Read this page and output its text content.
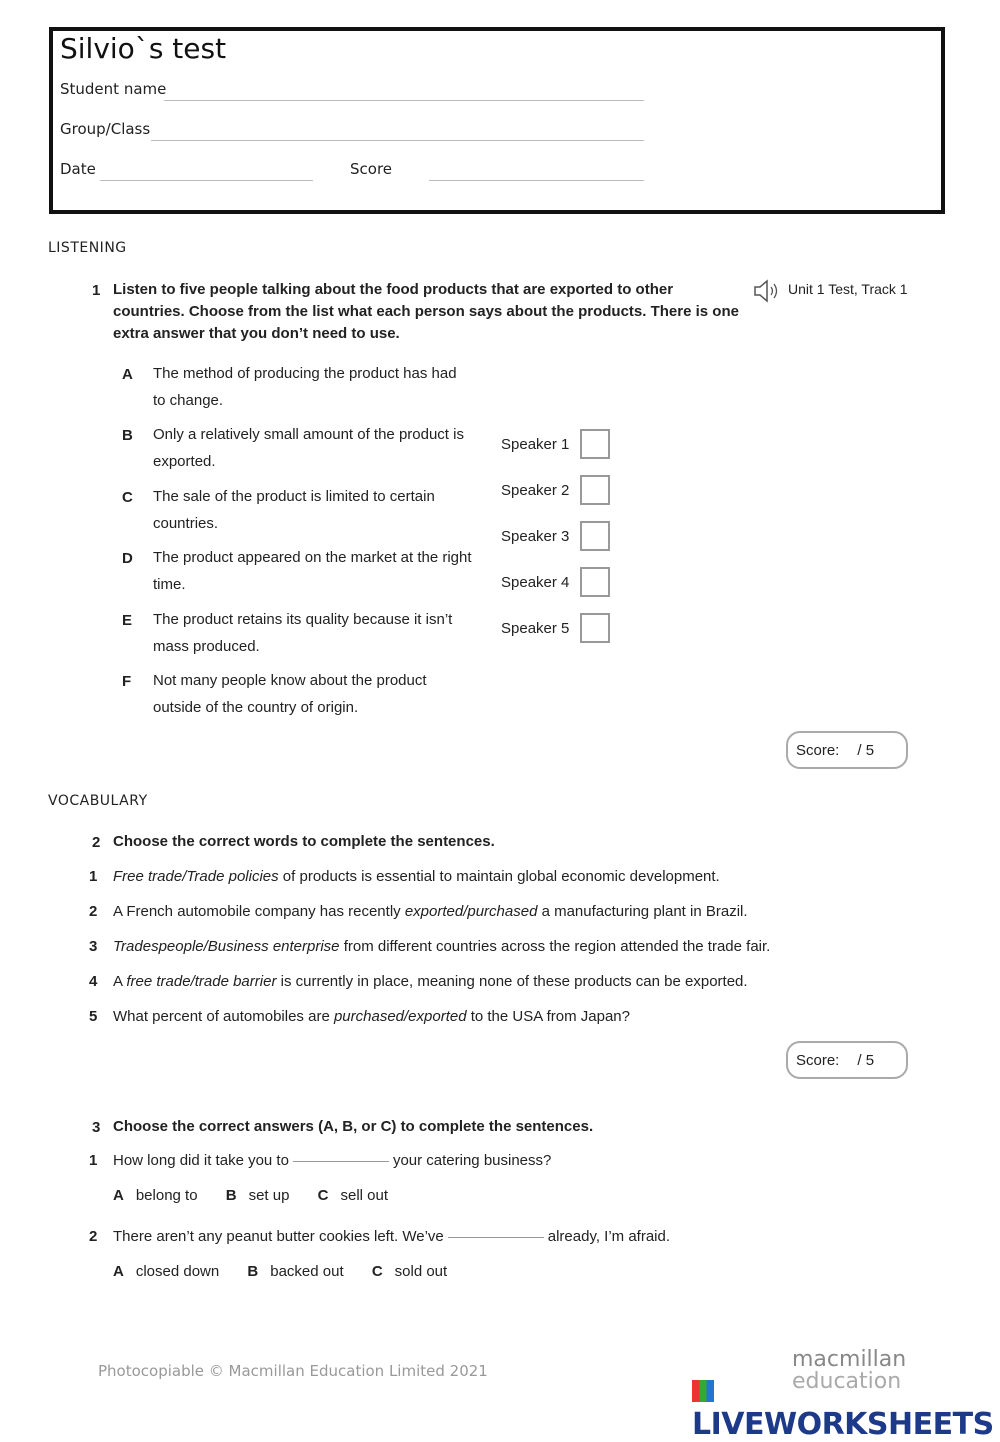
Silvio`s test
Student name
Group/Class
Date	Score
LISTENING
1 Listen to five people talking about the food products that are exported to other countries. Choose from the list what each person says about the products. There is one extra answer that you don’t need to use.
Unit 1 Test, Track 1
A The method of producing the product has had to change.
B Only a relatively small amount of the product is exported.
C The sale of the product is limited to certain countries.
D The product appeared on the market at the right time.
E The product retains its quality because it isn’t mass produced.
F Not many people know about the product outside of the country of origin.
Speaker 1
Speaker 2
Speaker 3
Speaker 4
Speaker 5
Score: / 5
VOCABULARY
2 Choose the correct words to complete the sentences.
1 Free trade/Trade policies of products is essential to maintain global economic development.
2 A French automobile company has recently exported/purchased a manufacturing plant in Brazil.
3 Tradespeople/Business enterprise from different countries across the region attended the trade fair.
4 A free trade/trade barrier is currently in place, meaning none of these products can be exported.
5 What percent of automobiles are purchased/exported to the USA from Japan?
Score: / 5
3 Choose the correct answers (A, B, or C) to complete the sentences.
1 How long did it take you to	your catering business?
A belong to B set up C sell out
2 There aren’t any peanut butter cookies left. We’ve	already, I’m afraid.
A closed down B backed out C sold out
Photocopiable © Macmillan Education Limited 2021	macmillan
education
LIVEWORKSHEETS
